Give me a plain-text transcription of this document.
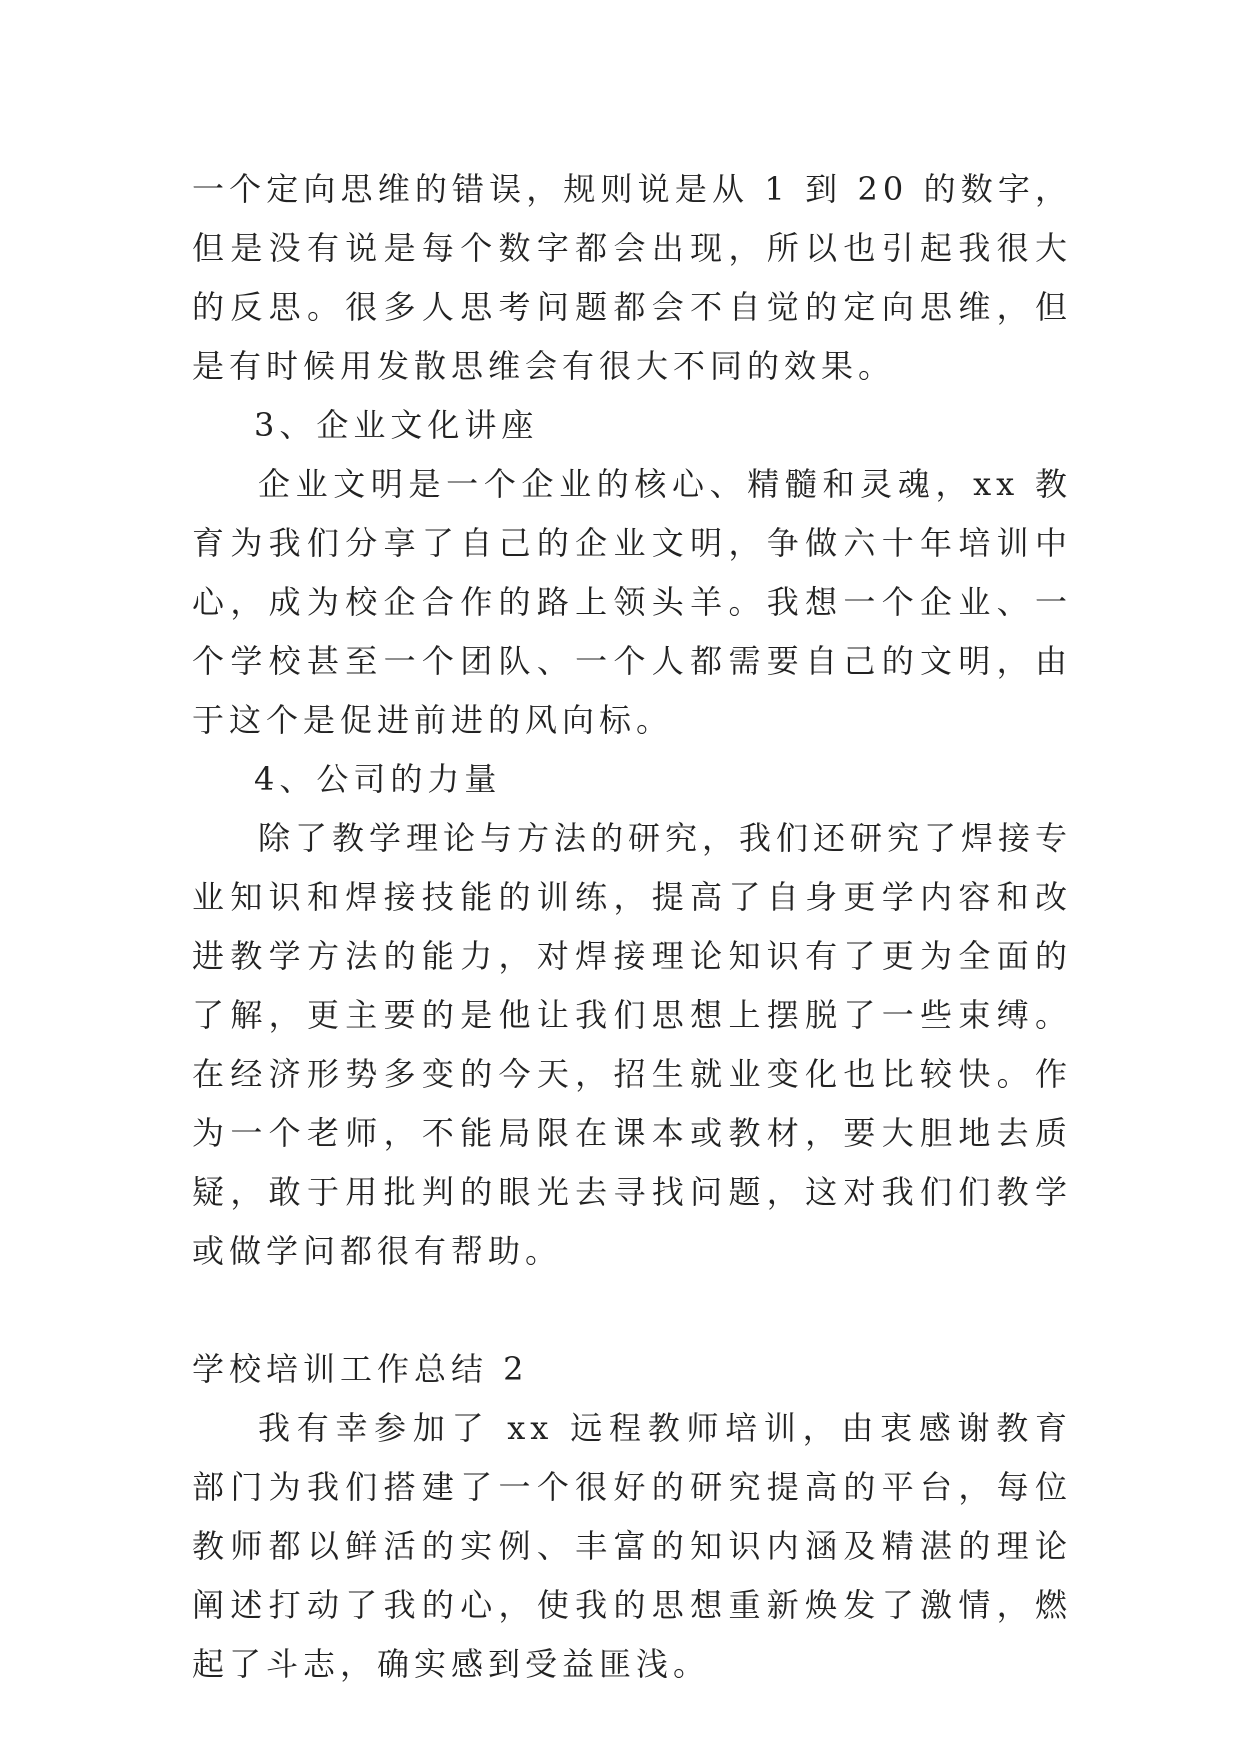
一个定向思维的错误，规则说是从 1 到 20 的数字，但是没有说是每个数字都会出现，所以也引起我很大的反思。很多人思考问题都会不自觉的定向思维，但是有时候用发散思维会有很大不同的效果。

3、企业文化讲座

企业文明是一个企业的核心、精髓和灵魂，xx 教育为我们分享了自己的企业文明，争做六十年培训中心，成为校企合作的路上领头羊。我想一个企业、一个学校甚至一个团队、一个人都需要自己的文明，由于这个是促进前进的风向标。

4、公司的力量

除了教学理论与方法的研究，我们还研究了焊接专业知识和焊接技能的训练，提高了自身更学内容和改进教学方法的能力，对焊接理论知识有了更为全面的了解，更主要的是他让我们思想上摆脱了一些束缚。在经济形势多变的今天，招生就业变化也比较快。作为一个老师，不能局限在课本或教材，要大胆地去质疑，敢于用批判的眼光去寻找问题，这对我们们教学或做学问都很有帮助。

学校培训工作总结 2

我有幸参加了 xx 远程教师培训，由衷感谢教育部门为我们搭建了一个很好的研究提高的平台，每位教师都以鲜活的实例、丰富的知识内涵及精湛的理论阐述打动了我的心，使我的思想重新焕发了激情，燃起了斗志，确实感到受益匪浅。
